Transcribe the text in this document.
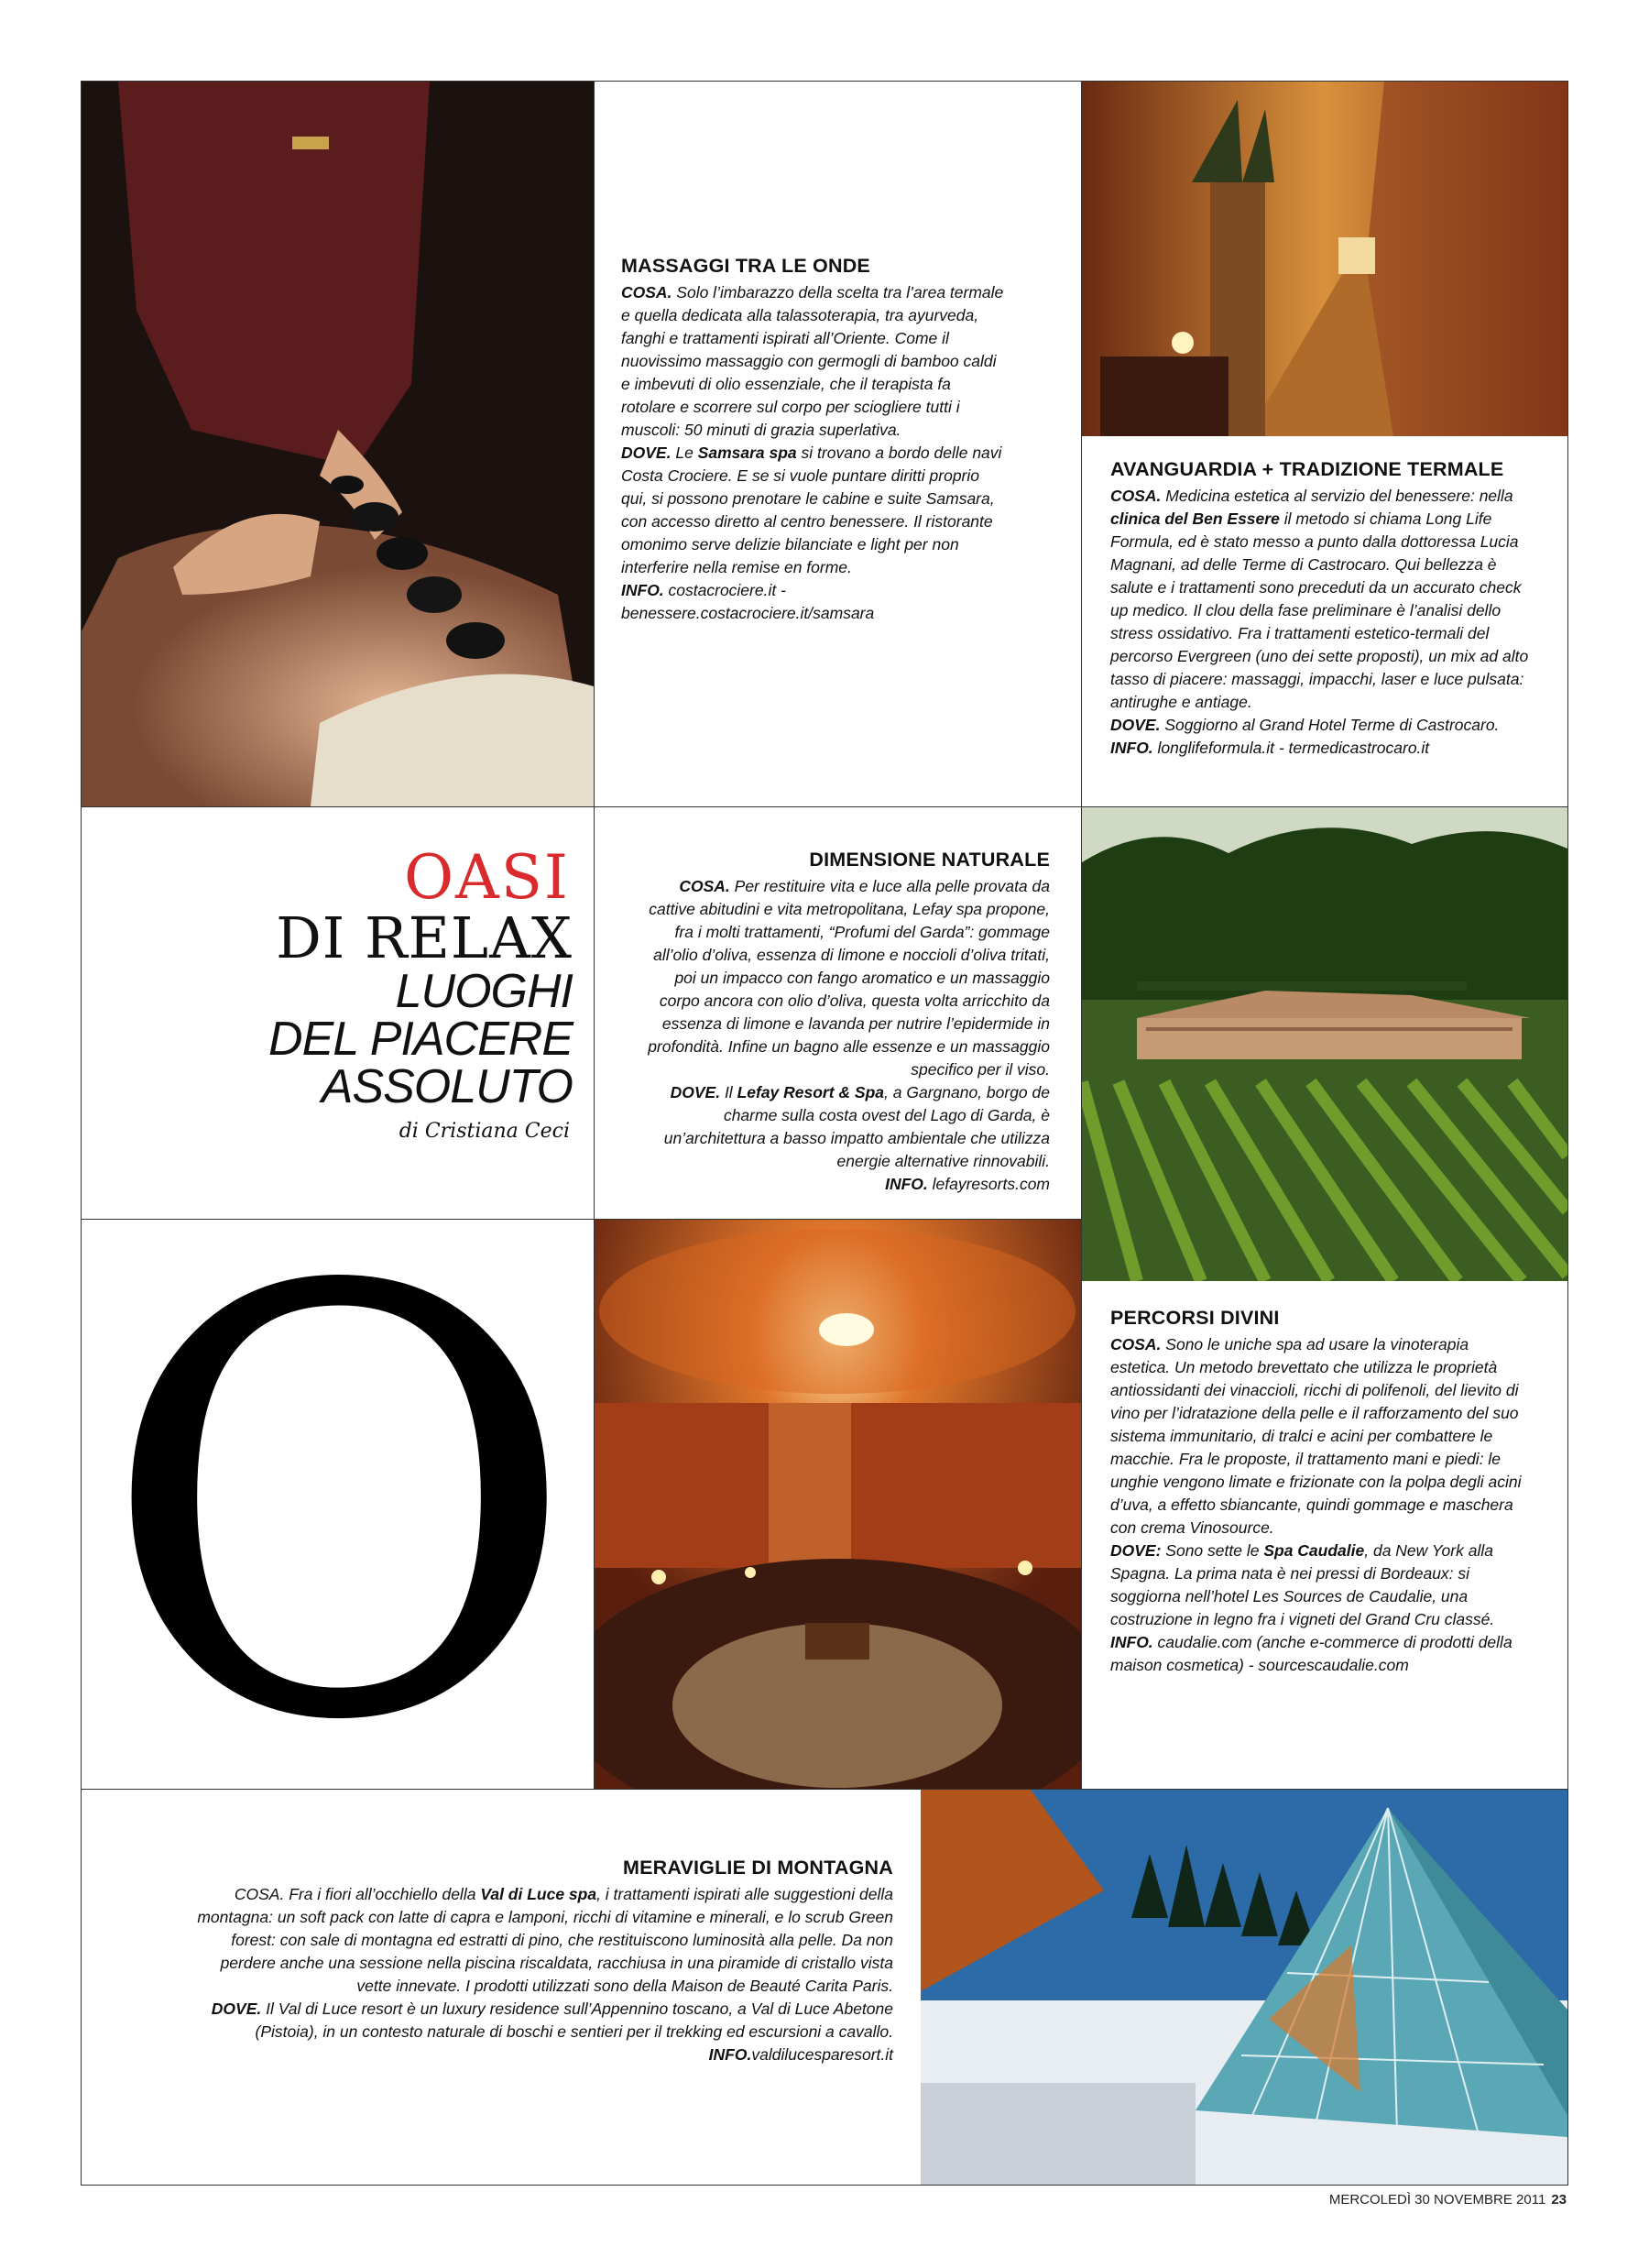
MASSAGGI TRA LE ONDE

COSA. Solo l’imbarazzo della scelta tra l’area termale e quella dedicata alla talassoterapia, tra ayurveda, fanghi e trattamenti ispirati all’Oriente. Come il nuovissimo massaggio con germogli di bamboo caldi e imbevuti di olio essenziale, che il terapista fa rotolare e scorrere sul corpo per sciogliere tutti i muscoli: 50 minuti di grazia superlativa.
DOVE. Le Samsara spa si trovano a bordo delle navi Costa Crociere. E se si vuole puntare diritti proprio qui, si possono prenotare le cabine e suite Samsara, con accesso diretto al centro benessere. Il ristorante omonimo serve delizie bilanciate e light per non interferire nella remise en forme.
INFO. costacrociere.it - benessere.costacrociere.it/samsara

AVANGUARDIA + TRADIZIONE TERMALE

COSA. Medicina estetica al servizio del benessere: nella clinica del Ben Essere il metodo si chiama Long Life Formula, ed è stato messo a punto dalla dottoressa Lucia Magnani, ad delle Terme di Castrocaro. Qui bellezza è salute e i trattamenti sono preceduti da un accurato check up medico. Il clou della fase preliminare è l’analisi dello stress ossidativo. Fra i trattamenti estetico-termali del percorso Evergreen (uno dei sette proposti), un mix ad alto tasso di piacere: massaggi, impacchi, laser e luce pulsata: antirughe e antiage.
DOVE. Soggiorno al Grand Hotel Terme di Castrocaro.
INFO. longlifeformula.it - termedicastrocaro.it

OASI
DI RELAX
LUOGHI
DEL PIACERE
ASSOLUTO
di Cristiana Ceci
DIMENSIONE NATURALE

COSA. Per restituire vita e luce alla pelle provata da cattive abitudini e vita metropolitana, Lefay spa propone, fra i molti trattamenti, “Profumi del Garda”: gommage all’olio d’oliva, essenza di limone e noccioli d’oliva tritati, poi un impacco con fango aromatico e un massaggio corpo ancora con olio d’oliva, questa volta arricchito da essenza di limone e lavanda per nutrire l’epidermide in profondità. Infine un bagno alle essenze e un massaggio specifico per il viso.
DOVE. Il Lefay Resort & Spa, a Gargnano, borgo de charme sulla costa ovest del Lago di Garda, è un’architettura a basso impatto ambientale che utilizza energie alternative rinnovabili.
INFO. lefayresorts.com

O	PERCORSI DIVINI

COSA. Sono le uniche spa ad usare la vinoterapia estetica. Un metodo brevettato che utilizza le proprietà antiossidanti dei vinaccioli, ricchi di polifenoli, del lievito di vino per l’idratazione della pelle e il rafforzamento del suo sistema immunitario, di tralci e acini per combattere le macchie. Fra le proposte, il trattamento mani e piedi: le unghie vengono limate e frizionate con la polpa degli acini d’uva, a effetto sbiancante, quindi gommage e maschera con crema Vinosource.
DOVE: Sono sette le Spa Caudalie, da New York alla Spagna. La prima nata è nei pressi di Bordeaux: si soggiorna nell’hotel Les Sources de Caudalie, una costruzione in legno fra i vigneti del Grand Cru classé.
INFO. caudalie.com (anche e-commerce di prodotti della maison cosmetica) - sourcescaudalie.com

MERAVIGLIE DI MONTAGNA

COSA. Fra i fiori all’occhiello della Val di Luce spa, i trattamenti ispirati alle suggestioni della montagna: un soft pack con latte di capra e lamponi, ricchi di vitamine e minerali, e lo scrub Green forest: con sale di montagna ed estratti di pino, che restituiscono luminosità alla pelle. Da non perdere anche una sessione nella piscina riscaldata, racchiusa in una piramide di cristallo vista vette innevate. I prodotti utilizzati sono della Maison de Beauté Carita Paris.
DOVE. Il Val di Luce resort è un luxury residence sull’Appennino toscano, a Val di Luce Abetone (Pistoia), in un contesto naturale di boschi e sentieri per il trekking ed escursioni a cavallo.
INFO.valdilucesparesort.it

MERCOLEDÌ 30 NOVEMBRE 2011 23
